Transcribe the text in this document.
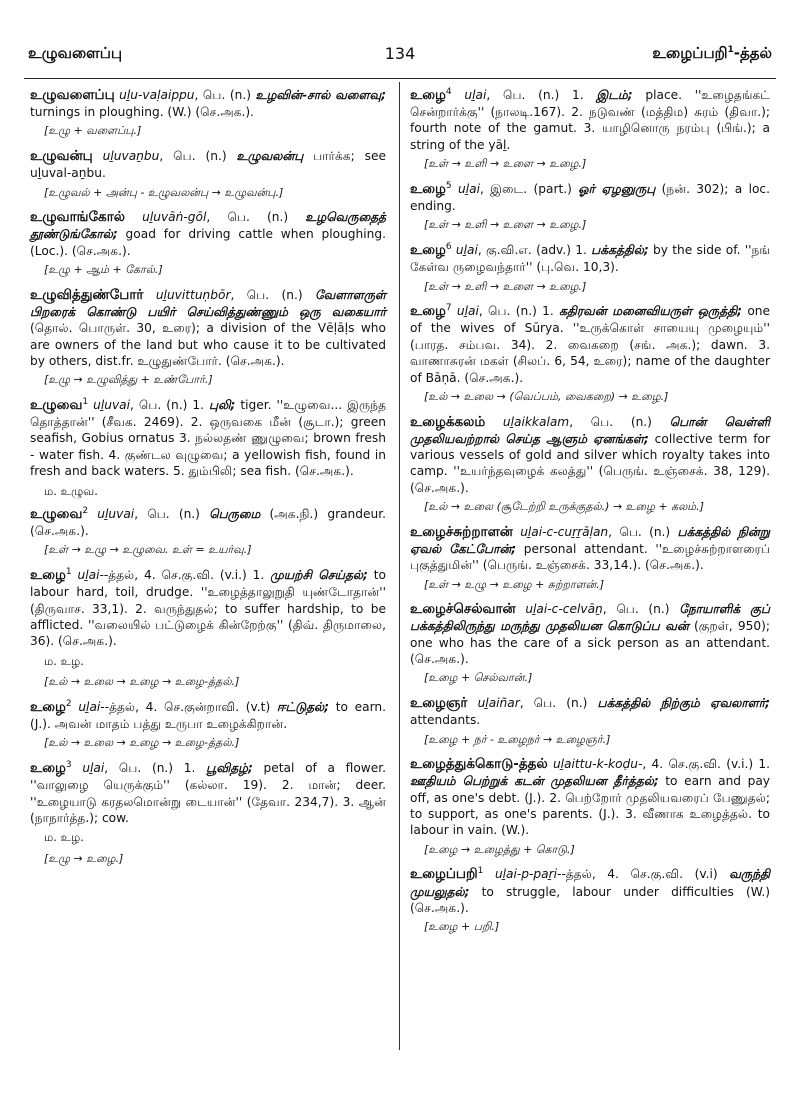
உழுவளைப்பு	134	உழைப்பறி$^1$-த்தல்
உழுவளைப்பு uḻu-vaḷaippu, பெ. (n.) உழவின்-சால் வளைவு; turnings in ploughing. (W.) (செ.அக.).
[உழு + வளைப்பு.]
உழுவன்பு uḻuvaṉbu, பெ. (n.) உழுவலன்பு பார்க்க; see uḻuval-aṉbu.
[உழுவல் + அன்பு - உழுவலன்பு → உழுவன்பு.]
உழுவாங்கோல் uḻuvāṅ-gōl, பெ. (n.) உழவெருதைத் தூண்டுங்கோல்; goad for driving cattle when ploughing. (Loc.). (செ.அக.).
[உழு + ஆம் + கோல்.]
உழுவித்துண்போர் uḻuvittuṇbōr, பெ. (n.) வேளாளருள் பிறரைக் கொண்டு பயிர் செய்வித்துண்ணும் ஒரு வகையார் (தொல். பொருள். 30, உரை); a division of the Vēḷāḷs who are owners of the land but who cause it to be cultivated by others, dist.fr. உழுதுண்போர். (செ.அக.).
[உழு → உழுவித்து + உண்போர்.]
உழுவை$^1$ uḻuvai, பெ. (n.) 1. புலி; tiger. ''உழுவை... இருந்த தொத்தான்'' (சீவக. 2469). 2. ஒருவகை மீன் (சூடா.); green seafish, Gobius ornatus 3. நல்லதண் ணுழுவை; brown fresh - water fish. 4. குண்டல வுழுவை; a yellowish fish, found in fresh and back waters. 5. தும்பிலி; sea fish. (செ.அக.).
ம. உழுவ.
உழுவை$^2$ uḻuvai, பெ. (n.) பெருமை (அக.நி.) grandeur. (செ.அக.).
[உள் → உழு → உழுவை. உள் = உயர்வு.]
உழை$^1$ uḻai--த்தல், 4. செ.கு.வி. (v.i.) 1. முயற்சி செய்தல்; to labour hard, toil, drudge. ''உழைத்தாலுறுதி யுண்டோதான்'' (திருவாச. 33,1). 2. வருந்துதல்; to suffer hardship, to be afflicted. ''வலையில் பட்டுழைக் கின்றேற்கு'' (திவ். திருமாலை, 36). (செ.அக.).
ம. உழ.
[உல் → உலை → உழை → உழை-த்தல்.]
உழை$^2$ uḻai--த்தல், 4. செ.குன்றாவி. (v.t) ஈட்டுதல்; to earn. (J.). அவன் மாதம் பத்து உருபா உழைக்கிறான்.
[உல் → உலை → உழை → உழை-த்தல்.]
உழை$^3$ uḻai, பெ. (n.) 1. பூவிதழ்; petal of a flower. ''வாலுழை யெருக்கும்'' (கல்லா. 19). 2. மான்; deer. ''உழையாடு கரதலமொன்று டையான்'' (தேவா. 234,7). 3. ஆன் (நாநார்த்த.); cow.
ம. உழ.
[உழு → உழை.]
உழை$^4$ uḻai, பெ. (n.) 1. இடம்; place. ''உழைதங்கட் சென்றார்க்கு'' (நாலடி.167). 2. நடுவண் (மத்திம) சுரம் (திவா.); fourth note of the gamut. 3. யாழினொரு நரம்பு (பிங்.); a string of the yāḻ.
[உள் → உளி → உளை → உழை.]
உழை$^5$ uḻai, இடை. (part.) ஓர் ஏழனுருபு (நன். 302); a loc. ending.
[உள் → உளி → உளை → உழை.]
உழை$^6$ uḻai, கு.வி.எ. (adv.) 1. பக்கத்தில்; by the side of. ''நங் கேள்வ ருழைவந்தார்'' (பு.வெ. 10,3).
[உள் → உளி → உளை → உழை.]
உழை$^7$ uḻai, பெ. (n.) 1. கதிரவன் மனைவியருள் ஒருத்தி; one of the wives of Sūrya. ''உருக்கொள் சாயையு முழையும்'' (பாரத. சம்பவ. 34). 2. வைகறை (சங். அக.); dawn. 3. வாணாசுரன் மகள் (சிலப். 6, 54, உரை); name of the daughter of Bāṇā. (செ.அக.).
[உல் → உலை → (வெப்பம், வைகறை) → உழை.]
உழைக்கலம் uḻaikkalam, பெ. (n.) பொன் வெள்ளி முதலியவற்றால் செய்த ஆளும் ஏனங்கள்; collective term for various vessels of gold and silver which royalty takes into camp. ''உயர்ந்தவுழைக் கலத்து'' (பெருங். உஞ்சைக். 38, 129). (செ.அக.).
[உல் → உலை (சூடேற்றி உருக்குதல்.) → உழை + கலம்.]
உழைச்சுற்றாளன் uḻai-c-cuṟṟāḷan, பெ. (n.) பக்கத்தில் நின்று ஏவல் கேட்போன்; personal attendant. ''உழைச்சுற்றாளரைப் புகுத்துமின்'' (பெருங். உஞ்சைக். 33,14.). (செ.அக.).
[உள் → உழு → உழை + சுற்றாளன்.]
உழைச்செல்வான் uḻai-c-celvāṉ, பெ. (n.) நோயாளிக் குப் பக்கத்திலிருந்து மருந்து முதலியன கொடுப்ப வன் (குறள், 950); one who has the care of a sick person as an attendant. (செ.அக.).
[உழை + செல்வான்.]
உழைஞர் uḻaiñar, பெ. (n.) பக்கத்தில் நிற்கும் ஏவலாளர்; attendants.
[உழை + நர் - உழைநர் → உழைஞர்.]
உழைத்துக்கொடு-த்தல் uḻaittu-k-koḍu-, 4. செ.கு.வி. (v.i.) 1. ஊதியம் பெற்றுக் கடன் முதலியன தீர்த்தல்; to earn and pay off, as one's debt. (J.). 2. பெற்றோர் முதலியவரைப் பேணுதல்; to support, as one's parents. (J.). 3. வீணாக உழைத்தல். to labour in vain. (W.).
[உழை → உழைத்து + கொடு.]
உழைப்பறி$^1$ uḻai-p-paṟi--த்தல், 4. செ.கு.வி. (v.i) வருந்தி முயலுதல்; to struggle, labour under difficulties (W.) (செ.அக.).
[உழை + பறி.]
